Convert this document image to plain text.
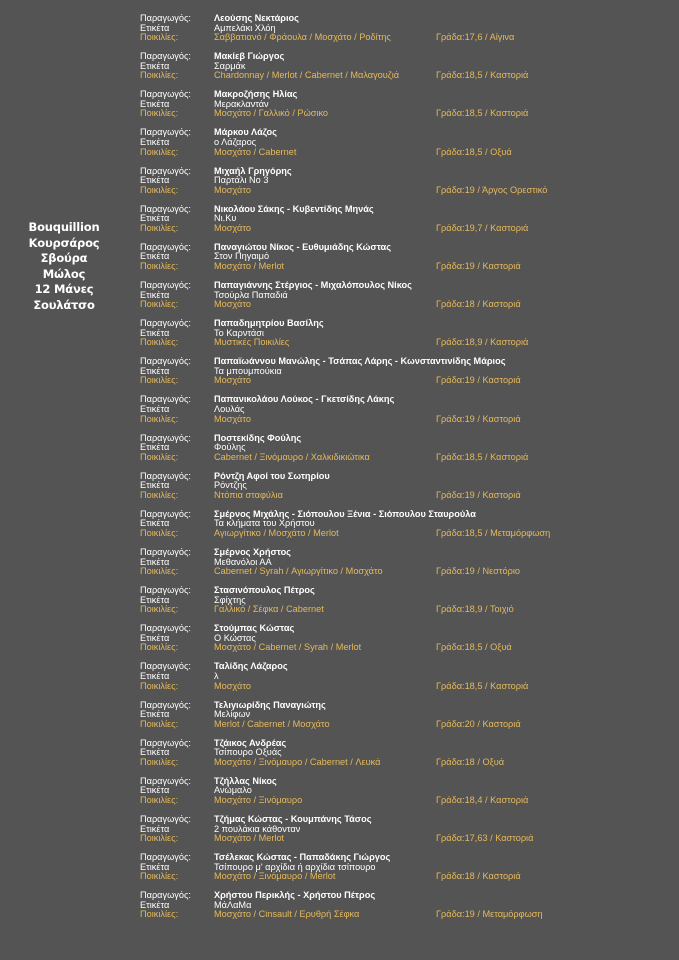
Bouquillion
Κουρσάρος
Σβούρα
Μώλος
12 Μάνες
Σουλάτσο
Παραγωγός:	Λεούσης Νεκτάριος
Ετικέτα	Αμπελάκι Χλόη
Ποικιλίες:	Σαββατιανό / Φράουλα / Μοσχάτο / Ροδίτης	Γράδα:17,6 / Αίγινα
Παραγωγός:	Μακίεβ Γιώργος
Ετικέτα	Σαρμάκ
Ποικιλίες:	Chardonnay / Merlot / Cabernet / Μαλαγουζιά	Γράδα:18,5 / Καστοριά
Παραγωγός:	Μακροζήσης Ηλίας
Ετικέτα	Μερακλαντάν
Ποικιλίες:	Μοσχάτο / Γαλλικό / Ρώσικο	Γράδα:18,5 / Καστοριά
Παραγωγός:	Μάρκου Λάζος
Ετικέτα	ο Λάζαρος
Ποικιλίες:	Μοσχάτο / Cabernet	Γράδα:18,5 / Οξυά
Παραγωγός:	Μιχαήλ Γρηγόρης
Ετικέτα	Παρτάλι Νο 3
Ποικιλίες:	Μοσχάτο	Γράδα:19 / Άργος Ορεστικό
Παραγωγός:	Νικολάου Σάκης - Κυβεντίδης Μηνάς
Ετικέτα	Νι.Κυ
Ποικιλίες:	Μοσχάτο	Γράδα:19,7 / Καστοριά
Παραγωγός:	Παναγιώτου Νίκος - Ευθυμιάδης Κώστας
Ετικέτα	Στον Πηγαιμό
Ποικιλίες:	Μοσχάτο / Merlot	Γράδα:19 / Καστοριά
Παραγωγός:	Παπαγιάννης Στέργιος - Μιχαλόπουλος Νίκος
Ετικέτα	Τσούρλα Παπαδιά
Ποικιλίες:	Μοσχάτο	Γράδα:18 / Καστοριά
Παραγωγός:	Παπαδημητρίου Βασίλης
Ετικέτα	Το Καρντάσι
Ποικιλίες:	Μυστικές Ποικιλίες	Γράδα:18,9 / Καστοριά
Παραγωγός:	Παπαϊωάννου Μανώλης - Τσάπας Λάρης - Κωνσταντινίδης Μάριος
Ετικέτα	Τα μπουμπούκια
Ποικιλίες:	Μοσχάτο	Γράδα:19 / Καστοριά
Παραγωγός:	Παπανικολάου Λούκος - Γκετσίδης Λάκης
Ετικέτα	Λουλάς
Ποικιλίες:	Μοσχάτο	Γράδα:19 / Καστοριά
Παραγωγός:	Ποστεκίδης Φούλης
Ετικέτα	Φούλης
Ποικιλίες:	Cabernet / Ξινόμαυρο / Χαλκιδικιώτικα	Γράδα:18,5 / Καστοριά
Παραγωγός:	Ρόντζη Αφοί του Σωτηρίου
Ετικέτα	Ρόντζης
Ποικιλίες:	Ντόπια σταφύλια	Γράδα:19 / Καστοριά
Παραγωγός:	Σμέρνος Μιχάλης - Σιόπουλου Ξένια - Σιόπουλου Σταυρούλα
Ετικέτα	Τα κλήματα του Χρήστου
Ποικιλίες:	Αγιωργίτικο / Μοσχάτο / Merlot	Γράδα:18,5 / Μεταμόρφωση
Παραγωγός:	Σμέρνος Χρήστος
Ετικέτα	Μεθανόλοι ΑΑ
Ποικιλίες:	Cabernet / Syrah / Αγιωργίτικο / Μοσχάτο	Γράδα:19 / Νεστόριο
Παραγωγός:	Στασινόπουλος Πέτρος
Ετικέτα	Σφίχτης
Ποικιλίες:	Γαλλικό / Σέφκα / Cabernet	Γράδα:18,9 / Τοιχιό
Παραγωγός:	Στούμπας Κώστας
Ετικέτα	Ο Κώστας
Ποικιλίες:	Μοσχάτο / Cabernet / Syrah / Merlot	Γράδα:18,5 / Οξυά
Παραγωγός:	Ταλίδης Λάζαρος
Ετικέτα	λ
Ποικιλίες:	Μοσχάτο	Γράδα:18,5 / Καστοριά
Παραγωγός:	Τελιγιωρίδης Παναγιώτης
Ετικέτα	Μελίφων
Ποικιλίες:	Merlot / Cabernet / Μοσχάτο	Γράδα:20 / Καστοριά
Παραγωγός:	Τζάικος Ανδρέας
Ετικέτα	Τσίπουρο Οξυάς
Ποικιλίες:	Μοσχάτο / Ξινόμαυρο / Cabernet / Λευκά	Γράδα:18 / Οξυά
Παραγωγός:	Τζήλλας Νίκος
Ετικέτα	Ανώμαλο
Ποικιλίες:	Μοσχάτο / Ξινόμαυρο	Γράδα:18,4 / Καστοριά
Παραγωγός:	Τζήμας Κώστας - Κουμπάνης Τάσος
Ετικέτα	2 πουλάκια κάθονταν
Ποικιλίες:	Μοσχάτο / Merlot	Γράδα:17,63 / Καστοριά
Παραγωγός:	Τσέλεκας Κώστας - Παπαδάκης Γιώργος
Ετικέτα	Τσίπουρο μ' αρχίδια ή αρχίδια τσίπουρο
Ποικιλίες:	Μοσχάτο / Ξινόμαυρο / Merlot	Γράδα:18 / Καστοριά
Παραγωγός:	Χρήστου Περικλής - Χρήστου Πέτρος
Ετικέτα	ΜάΛαΜα
Ποικιλίες:	Μοσχάτο / Cinsault / Ερυθρή Σέφκα	Γράδα:19 / Μεταμόρφωση
